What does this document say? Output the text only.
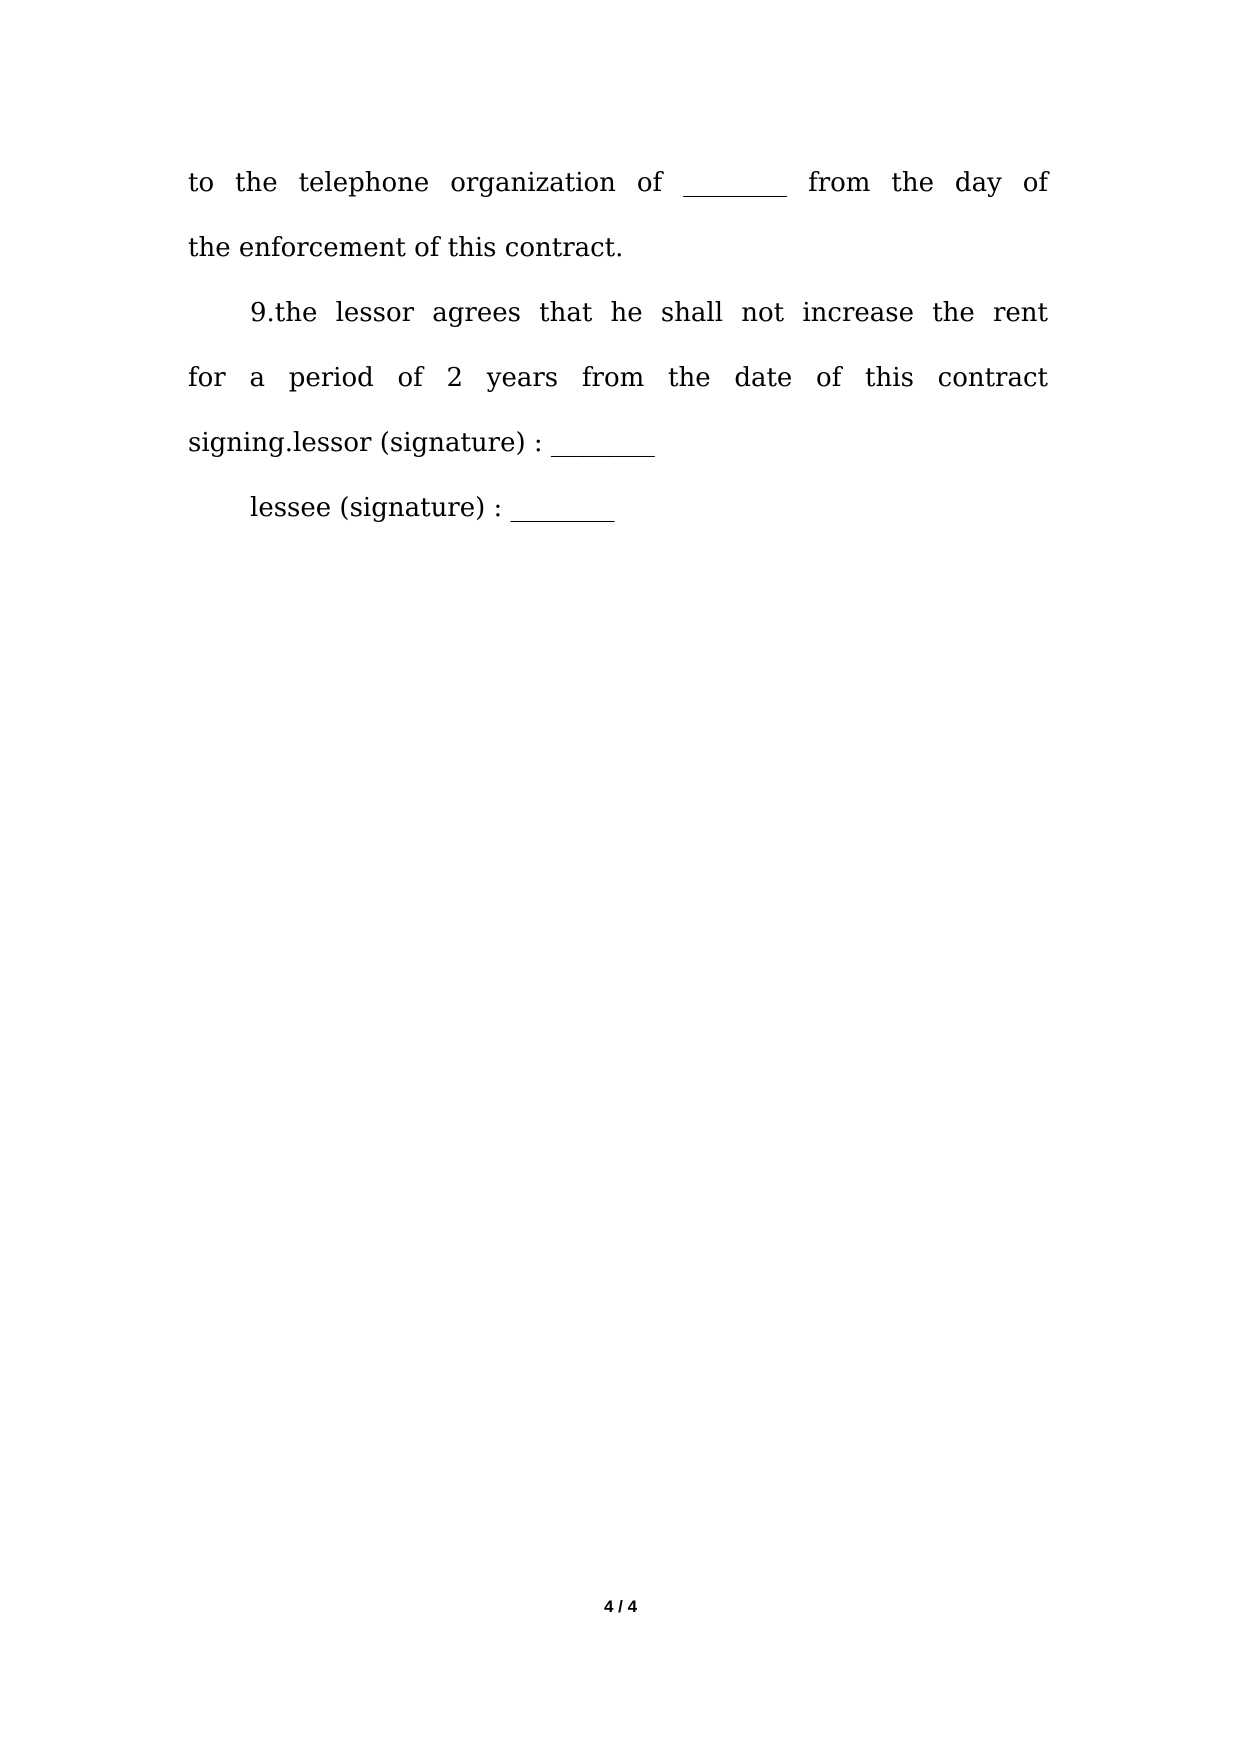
to the telephone organization of ________ from the day of
the enforcement of this contract.
9.the lessor agrees that he shall not increase the rent
for a period of 2 years from the date of this contract
signing.lessor (signature) : ________
lessee (signature) : ________
4 / 4
